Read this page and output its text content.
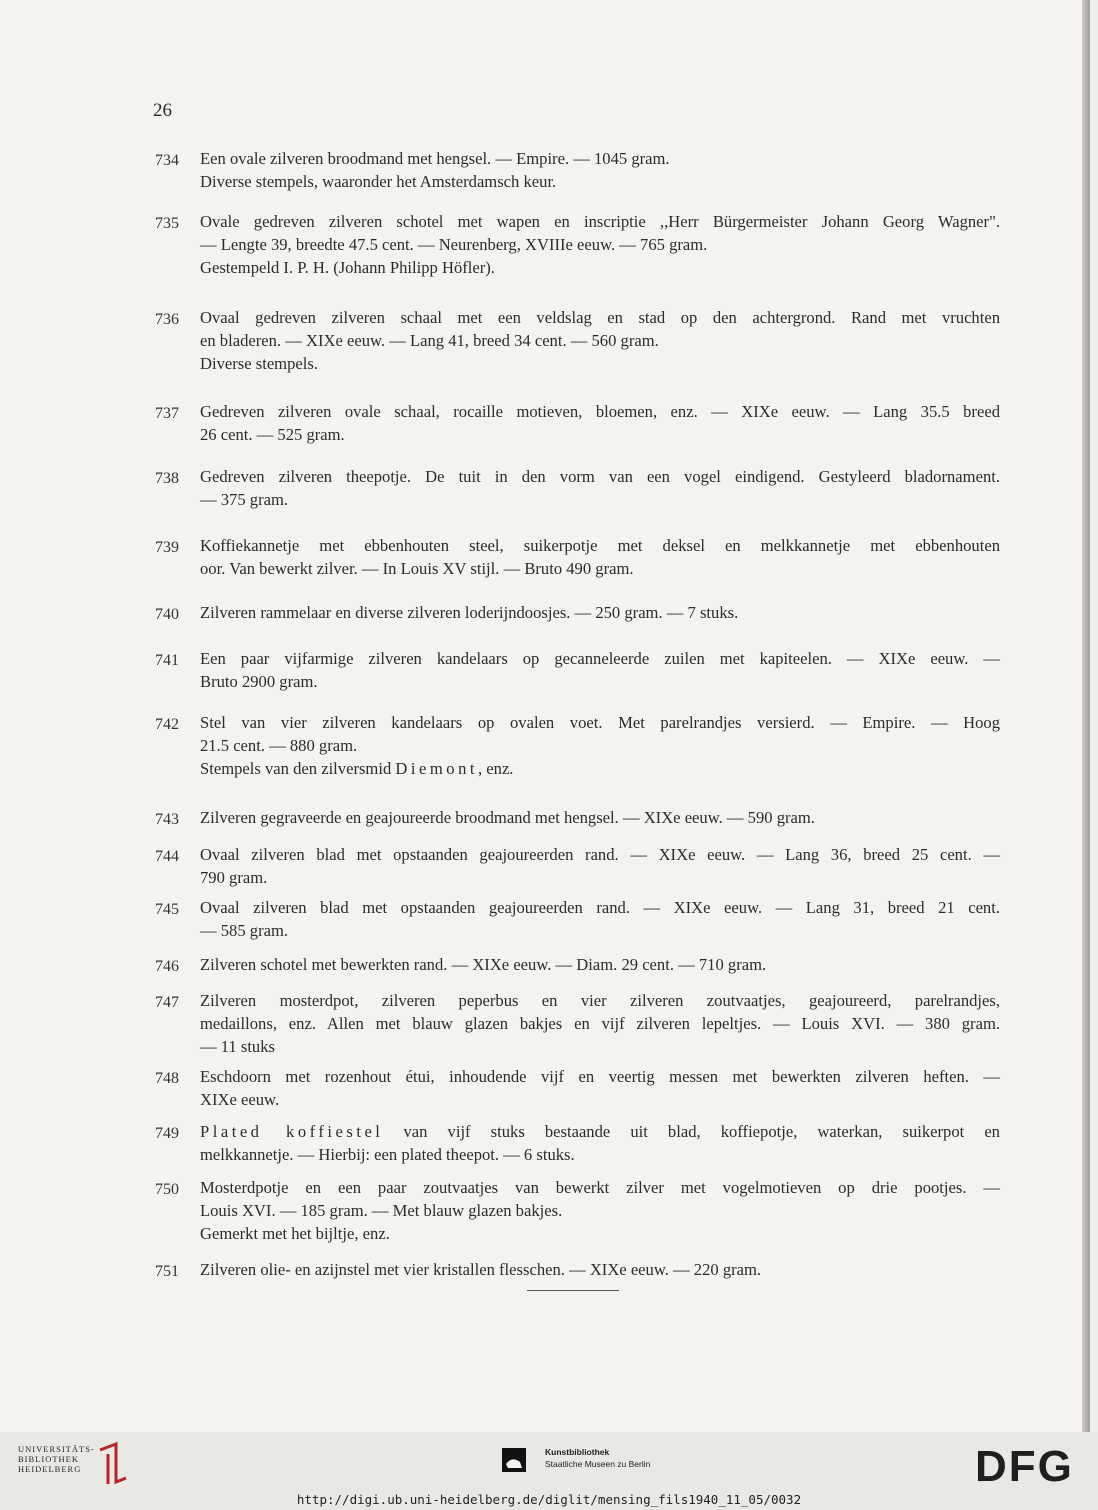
26
734	Een ovale zilveren broodmand met hengsel. — Empire. — 1045 gram.
Diverse stempels, waaronder het Amsterdamsch keur.
735	Ovale gedreven zilveren schotel met wapen en inscriptie ,,Herr Bürgermeister Johann Georg Wagner".
— Lengte 39, breedte 47.5 cent. — Neurenberg, XVIIIe eeuw. — 765 gram.
Gestempeld I. P. H. (Johann Philipp Höfler).
736	Ovaal gedreven zilveren schaal met een veldslag en stad op den achtergrond. Rand met vruchten
en bladeren. — XIXe eeuw. — Lang 41, breed 34 cent. — 560 gram.
Diverse stempels.
737	Gedreven zilveren ovale schaal, rocaille motieven, bloemen, enz. — XIXe eeuw. — Lang 35.5 breed
26 cent. — 525 gram.
738	Gedreven zilveren theepotje. De tuit in den vorm van een vogel eindigend. Gestyleerd bladornament.
— 375 gram.
739	Koffiekannetje met ebbenhouten steel, suikerpotje met deksel en melkkannetje met ebbenhouten
oor. Van bewerkt zilver. — In Louis XV stijl. — Bruto 490 gram.
740	Zilveren rammelaar en diverse zilveren loderijndoosjes. — 250 gram. — 7 stuks.
741	Een paar vijfarmige zilveren kandelaars op gecanneleerde zuilen met kapiteelen. — XIXe eeuw. —
Bruto 2900 gram.
742	Stel van vier zilveren kandelaars op ovalen voet. Met parelrandjes versierd. — Empire. — Hoog
21.5 cent. — 880 gram.
Stempels van den zilversmid Diemont, enz.
743	Zilveren gegraveerde en geajoureerde broodmand met hengsel. — XIXe eeuw. — 590 gram.
744	Ovaal zilveren blad met opstaanden geajoureerden rand. — XIXe eeuw. — Lang 36, breed 25 cent. —
790 gram.
745	Ovaal zilveren blad met opstaanden geajoureerden rand. — XIXe eeuw. — Lang 31, breed 21 cent.
— 585 gram.
746	Zilveren schotel met bewerkten rand. — XIXe eeuw. — Diam. 29 cent. — 710 gram.
747	Zilveren mosterdpot, zilveren peperbus en vier zilveren zoutvaatjes, geajoureerd, parelrandjes,
medaillons, enz. Allen met blauw glazen bakjes en vijf zilveren lepeltjes. — Louis XVI. — 380 gram.
— 11 stuks
748	Eschdoorn met rozenhout étui, inhoudende vijf en veertig messen met bewerkten zilveren heften. —
XIXe eeuw.
749	Plated koffiestel van vijf stuks bestaande uit blad, koffiepotje, waterkan, suikerpot en
melkkannetje. — Hierbij: een plated theepot. — 6 stuks.
750	Mosterdpotje en een paar zoutvaatjes van bewerkt zilver met vogelmotieven op drie pootjes. —
Louis XVI. — 185 gram. — Met blauw glazen bakjes.
Gemerkt met het bijltje, enz.
751	Zilveren olie- en azijnstel met vier kristallen flesschen. — XIXe eeuw. — 220 gram.
UNIVERSITÄTS-
BIBLIOTHEK
HEIDELBERG
Kunstbibliothek
Staatliche Museen zu Berlin	DFG
http://digi.ub.uni-heidelberg.de/diglit/mensing_fils1940_11_05/0032
